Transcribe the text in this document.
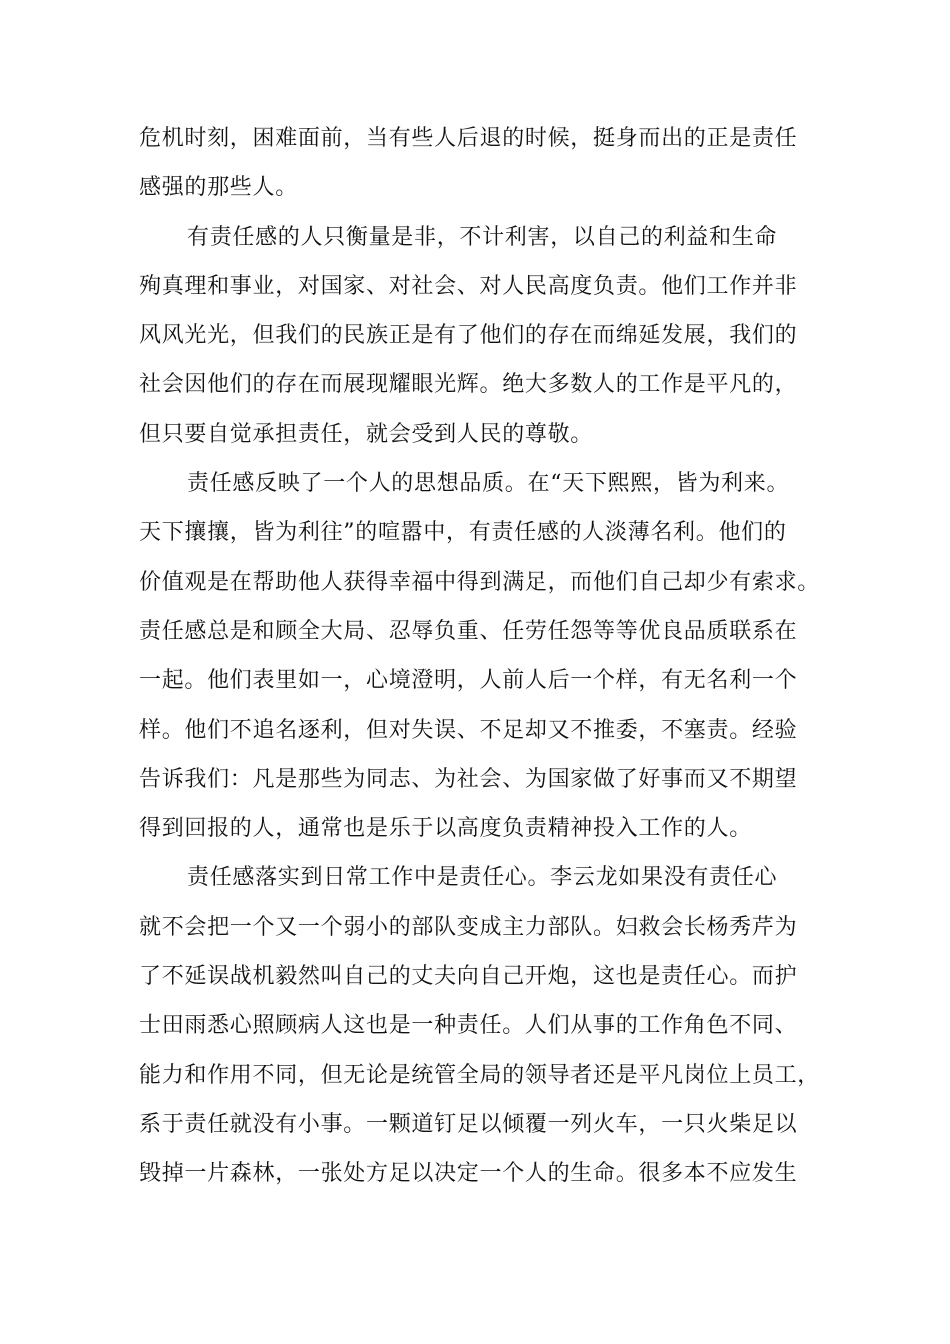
危机时刻，困难面前，当有些人后退的时候，挺身而出的正是责任
感强的那些人。
有责任感的人只衡量是非，不计利害，以自己的利益和生命
殉真理和事业，对国家、对社会、对人民高度负责。他们工作并非
风风光光，但我们的民族正是有了他们的存在而绵延发展，我们的
社会因他们的存在而展现耀眼光辉。绝大多数人的工作是平凡的，
但只要自觉承担责任，就会受到人民的尊敬。
责任感反映了一个人的思想品质。在“天下熙熙，皆为利来。
天下攘攘，皆为利往”的喧嚣中，有责任感的人淡薄名利。他们的
价值观是在帮助他人获得幸福中得到满足，而他们自己却少有索求。
责任感总是和顾全大局、忍辱负重、任劳任怨等等优良品质联系在
一起。他们表里如一，心境澄明，人前人后一个样，有无名利一个
样。他们不追名逐利，但对失误、不足却又不推委，不塞责。经验
告诉我们：凡是那些为同志、为社会、为国家做了好事而又不期望
得到回报的人，通常也是乐于以高度负责精神投入工作的人。
责任感落实到日常工作中是责任心。李云龙如果没有责任心
就不会把一个又一个弱小的部队变成主力部队。妇救会长杨秀芹为
了不延误战机毅然叫自己的丈夫向自己开炮，这也是责任心。而护
士田雨悉心照顾病人这也是一种责任。人们从事的工作角色不同、
能力和作用不同，但无论是统管全局的领导者还是平凡岗位上员工，
系于责任就没有小事。一颗道钉足以倾覆一列火车，一只火柴足以
毁掉一片森林，一张处方足以决定一个人的生命。很多本不应发生
